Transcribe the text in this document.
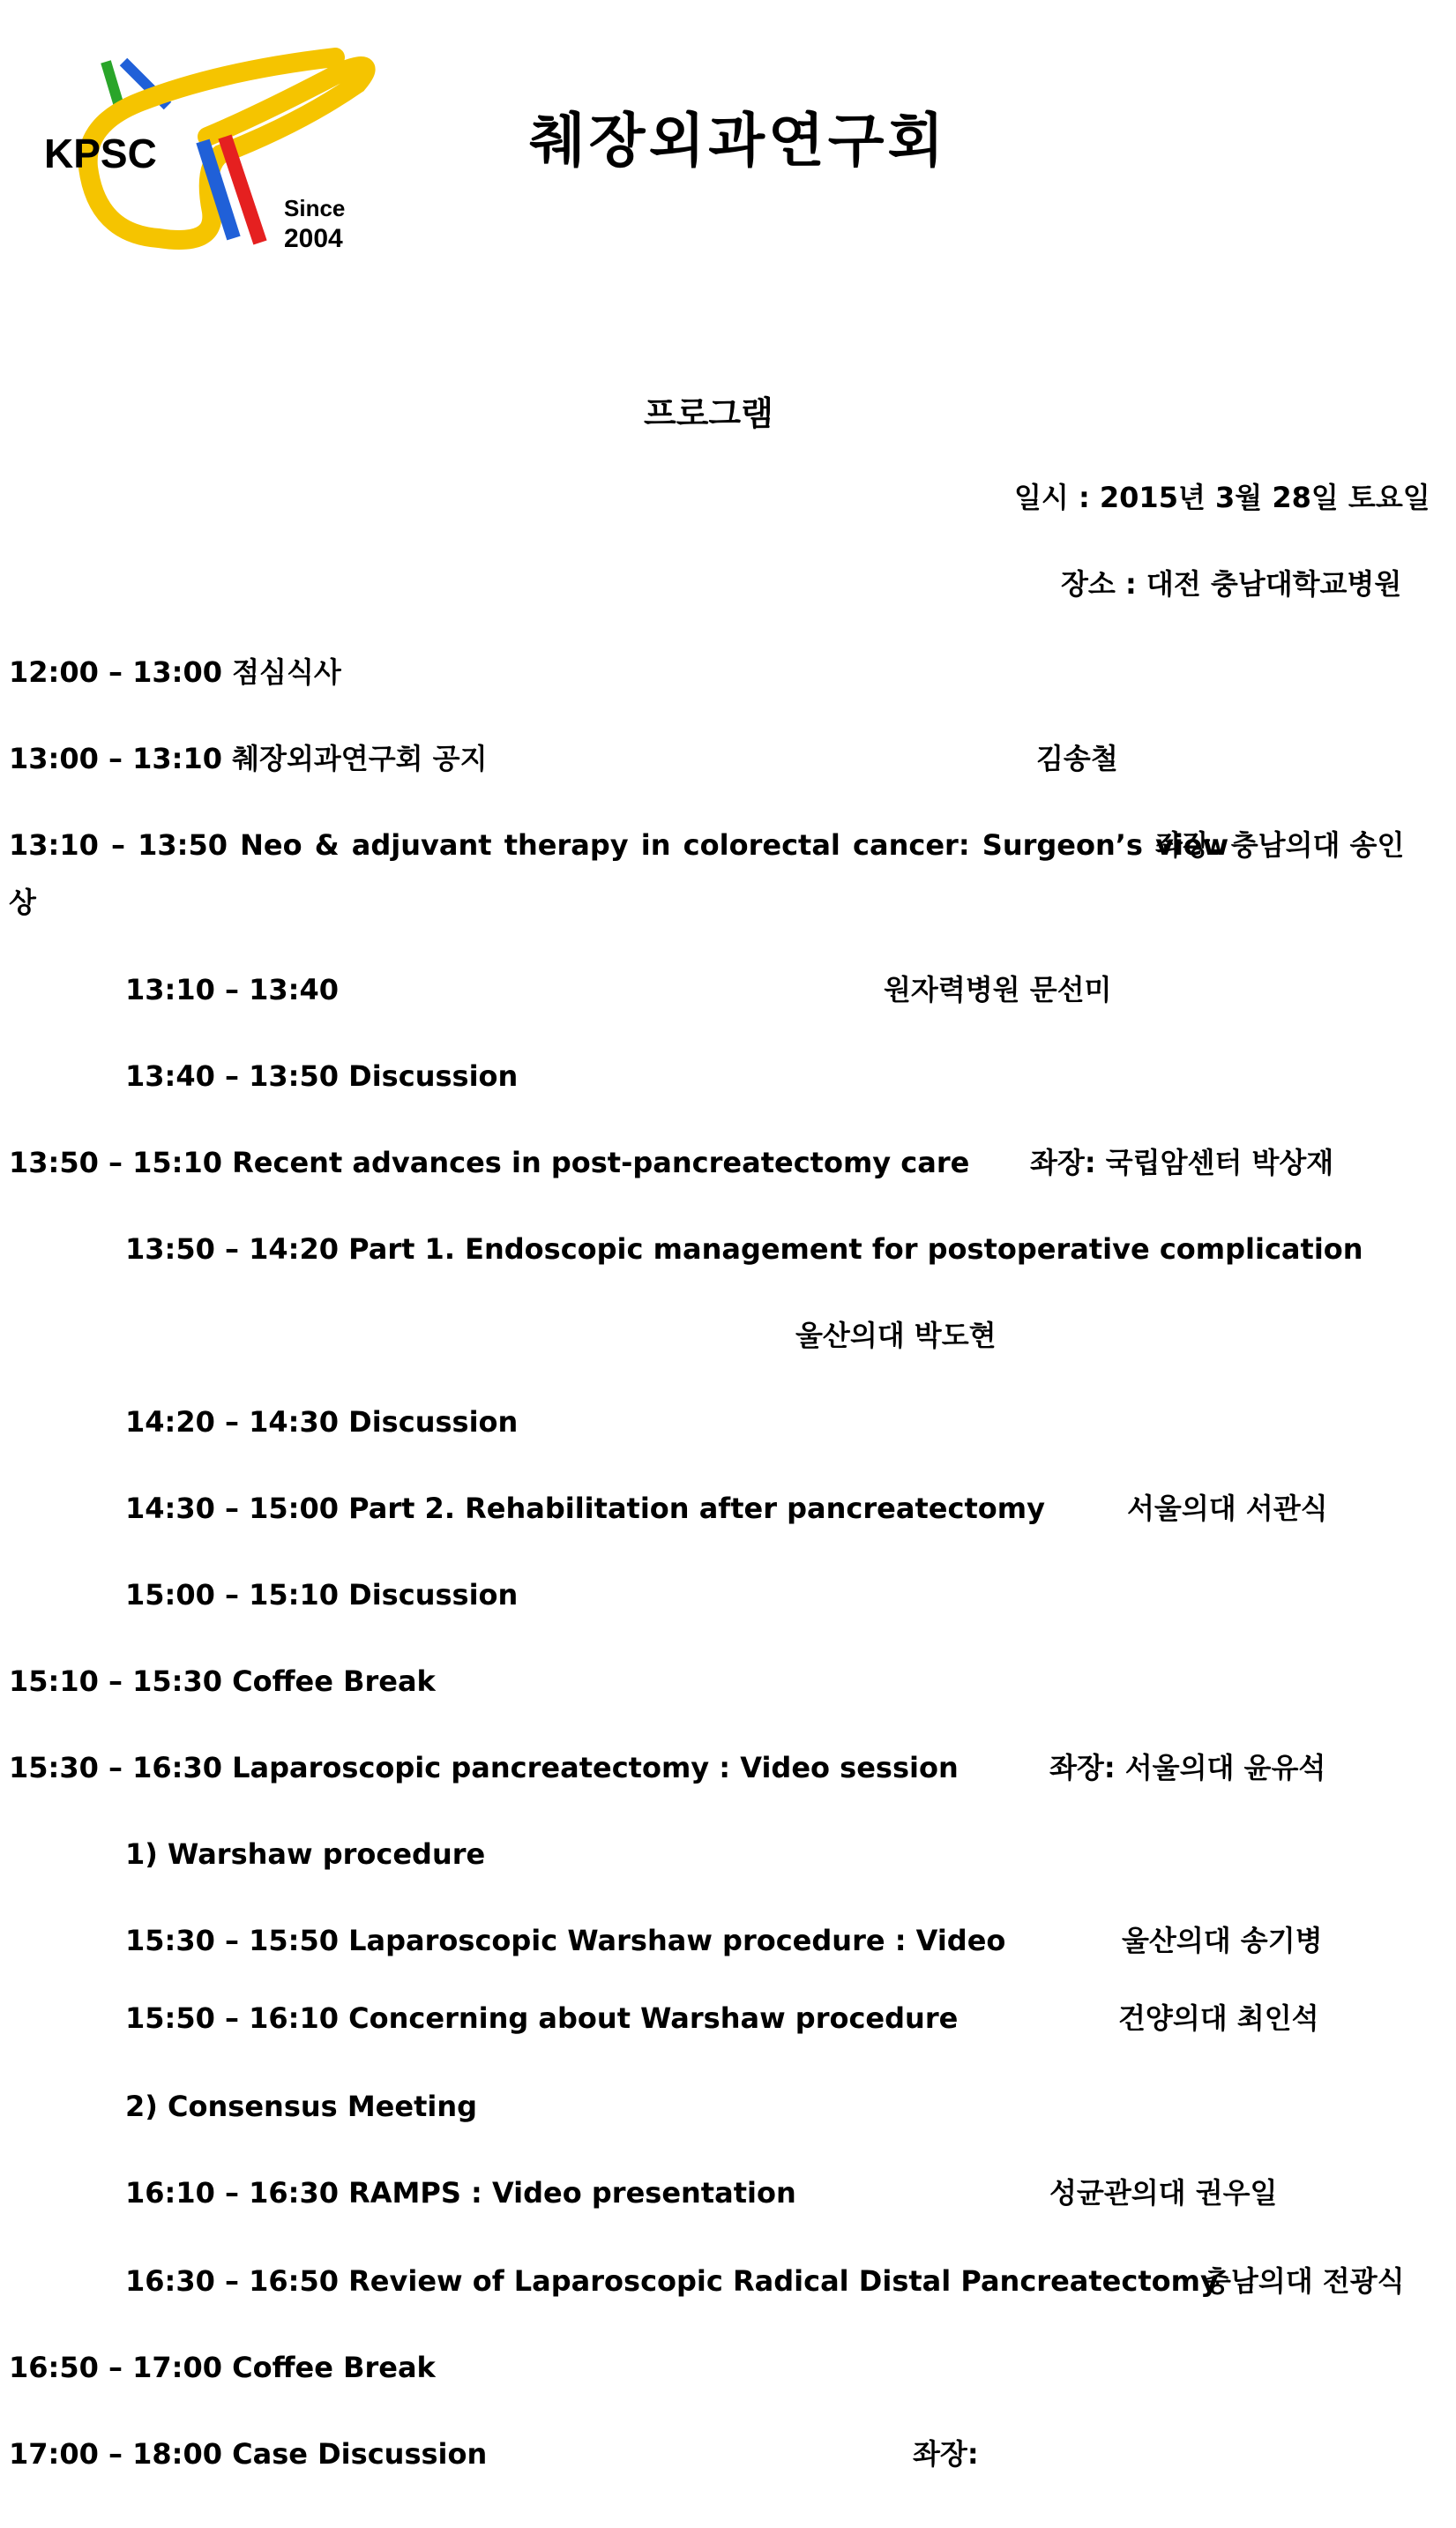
KPSC
Since
2004
췌장외과연구회
프로그램
일시 : 2015년 3월 28일 토요일
장소 : 대전 충남대학교병원
12:00 – 13:00 점심식사
13:00 – 13:10 췌장외과연구회 공지	김송철
13:10 – 13:50 Neo & adjuvant therapy in colorectal cancer: Surgeon’s view
좌장: 충남의대 송인
상
13:10 – 13:40	원자력병원 문선미
13:40 – 13:50 Discussion
13:50 – 15:10 Recent advances in post-pancreatectomy care 좌장: 국립암센터 박상재
13:50 – 14:20 Part 1. Endoscopic management for postoperative complication
울산의대 박도현
14:20 – 14:30 Discussion
14:30 – 15:00 Part 2. Rehabilitation after pancreatectomy	서울의대 서관식
15:00 – 15:10 Discussion
15:10 – 15:30 Coffee Break
15:30 – 16:30 Laparoscopic pancreatectomy : Video session	좌장: 서울의대 윤유석
1) Warshaw procedure
15:30 – 15:50 Laparoscopic Warshaw procedure : Video	울산의대 송기병
15:50 – 16:10 Concerning about Warshaw procedure	건양의대 최인석
2) Consensus Meeting
16:10 – 16:30 RAMPS : Video presentation	성균관의대 권우일
16:30 – 16:50 Review of Laparoscopic Radical Distal Pancreatectomy
충남의대 전광식
16:50 – 17:00 Coffee Break
17:00 – 18:00 Case Discussion	좌장:
